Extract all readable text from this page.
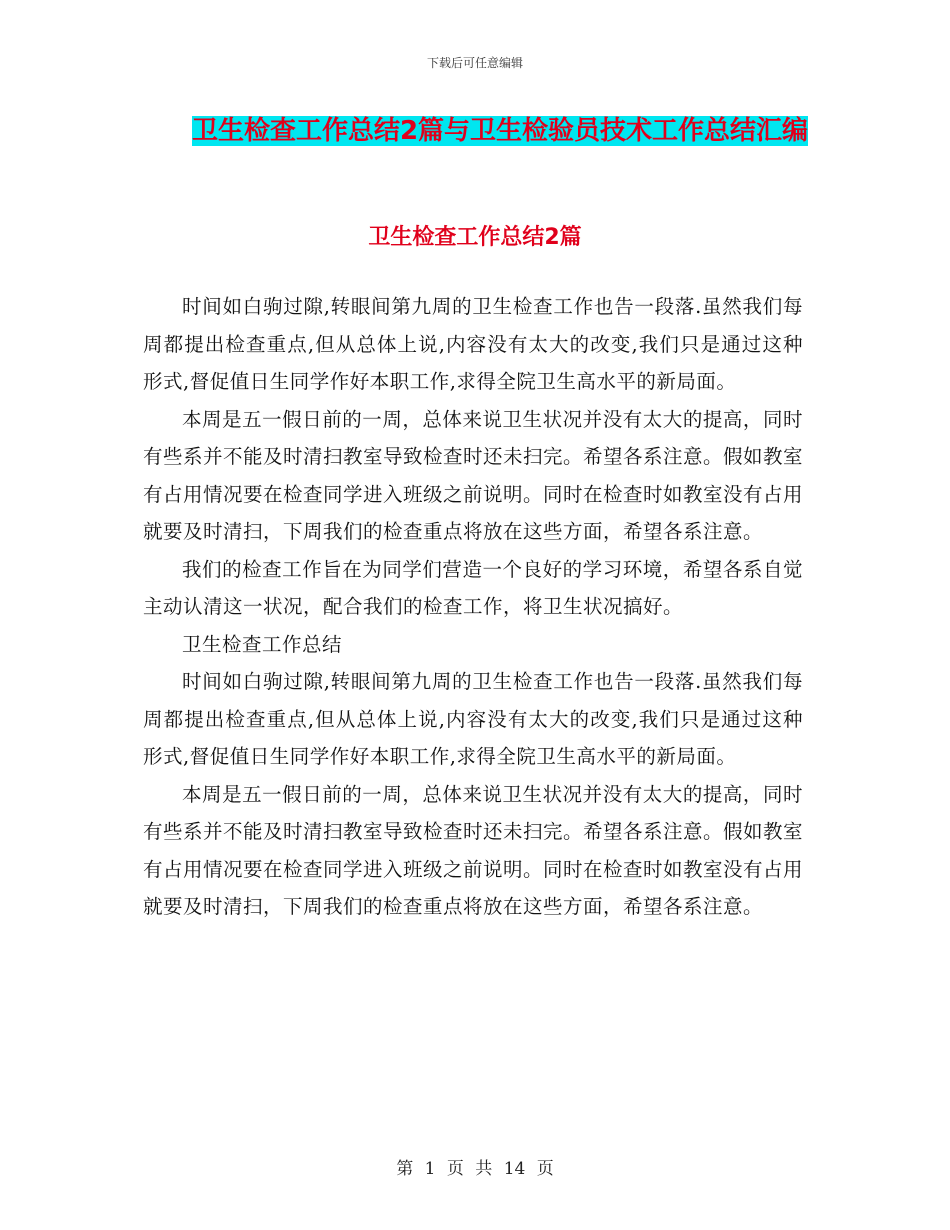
下载后可任意编辑
卫生检查工作总结2篇与卫生检验员技术工作总结汇编
卫生检查工作总结2篇

时间如白驹过隙,转眼间第九周的卫生检查工作也告一段落.虽然我们每周都提出检查重点,但从总体上说,内容没有太大的改变,我们只是通过这种形式,督促值日生同学作好本职工作,求得全院卫生高水平的新局面。

本周是五一假日前的一周，总体来说卫生状况并没有太大的提高，同时有些系并不能及时清扫教室导致检查时还未扫完。希望各系注意。假如教室有占用情况要在检查同学进入班级之前说明。同时在检查时如教室没有占用就要及时清扫，下周我们的检查重点将放在这些方面，希望各系注意。

我们的检查工作旨在为同学们营造一个良好的学习环境，希望各系自觉主动认清这一状况，配合我们的检查工作，将卫生状况搞好。

卫生检查工作总结

时间如白驹过隙,转眼间第九周的卫生检查工作也告一段落.虽然我们每周都提出检查重点,但从总体上说,内容没有太大的改变,我们只是通过这种形式,督促值日生同学作好本职工作,求得全院卫生高水平的新局面。

本周是五一假日前的一周，总体来说卫生状况并没有太大的提高，同时有些系并不能及时清扫教室导致检查时还未扫完。希望各系注意。假如教室有占用情况要在检查同学进入班级之前说明。同时在检查时如教室没有占用就要及时清扫，下周我们的检查重点将放在这些方面，希望各系注意。

第 1 页 共 14 页
